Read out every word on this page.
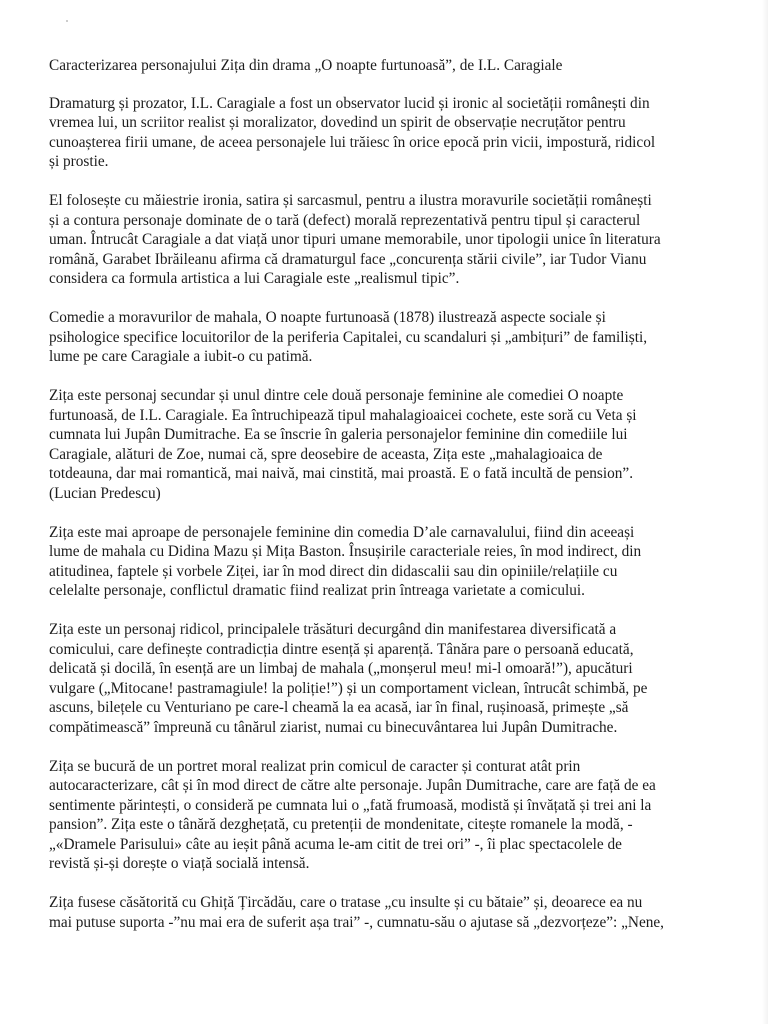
Caracterizarea personajului Zița din drama „O noapte furtunoasă”, de I.L. Caragiale
Dramaturg și prozator, I.L. Caragiale a fost un observator lucid și ironic al societății românești din
vremea lui, un scriitor realist și moralizator, dovedind un spirit de observație necruțător pentru
cunoașterea firii umane, de aceea personajele lui trăiesc în orice epocă prin vicii, impostură, ridicol
și prostie.
El folosește cu măiestrie ironia, satira și sarcasmul, pentru a ilustra moravurile societății românești
și a contura personaje dominate de o tară (defect) morală reprezentativă pentru tipul și caracterul
uman. Întrucât Caragiale a dat viață unor tipuri umane memorabile, unor tipologii unice în literatura
română, Garabet Ibrăileanu afirma că dramaturgul face „concurența stării civile”, iar Tudor Vianu
considera ca formula artistica a lui Caragiale este „realismul tipic”.
Comedie a moravurilor de mahala, O noapte furtunoasă (1878) ilustrează aspecte sociale și
psihologice specifice locuitorilor de la periferia Capitalei, cu scandaluri și „ambițuri” de familiști,
lume pe care Caragiale a iubit-o cu patimă.
Zița este personaj secundar și unul dintre cele două personaje feminine ale comediei O noapte
furtunoasă, de I.L. Caragiale. Ea întruchipează tipul mahalagioaicei cochete, este soră cu Veta și
cumnata lui Jupân Dumitrache. Ea se înscrie în galeria personajelor feminine din comediile lui
Caragiale, alături de Zoe, numai că, spre deosebire de aceasta, Zița este „mahalagioaica de
totdeauna, dar mai romantică, mai naivă, mai cinstită, mai proastă. E o fată incultă de pension”.
(Lucian Predescu)
Zița este mai aproape de personajele feminine din comedia D’ale carnavalului, fiind din aceeași
lume de mahala cu Didina Mazu și Mița Baston. Însușirile caracteriale reies, în mod indirect, din
atitudinea, faptele și vorbele Ziței, iar în mod direct din didascalii sau din opiniile/relațiile cu
celelalte personaje, conflictul dramatic fiind realizat prin întreaga varietate a comicului.
Zița este un personaj ridicol, principalele trăsături decurgând din manifestarea diversificată a
comicului, care definește contradicția dintre esență și aparență. Tânăra pare o persoană educată,
delicată și docilă, în esență are un limbaj de mahala („monșerul meu! mi-l omoară!”), apucături
vulgare („Mitocane! pastramagiule! la poliție!”) și un comportament viclean, întrucât schimbă, pe
ascuns, bilețele cu Venturiano pe care-l cheamă la ea acasă, iar în final, rușinoasă, primește „să
compătimească” împreună cu tânărul ziarist, numai cu binecuvântarea lui Jupân Dumitrache.
Zița se bucură de un portret moral realizat prin comicul de caracter și conturat atât prin
autocaracterizare, cât și în mod direct de către alte personaje. Jupân Dumitrache, care are față de ea
sentimente părintești, o consideră pe cumnata lui o „fată frumoasă, modistă și învățată și trei ani la
pansion”. Zița este o tânără dezghețată, cu pretenții de mondenitate, citește romanele la modă, -
„«Dramele Parisului» câte au ieșit până acuma le-am citit de trei ori” -, îi plac spectacolele de
revistă și-și dorește o viață socială intensă.
Zița fusese căsătorită cu Ghiță Țircădău, care o tratase „cu insulte și cu bătaie” și, deoarece ea nu
mai putuse suporta -”nu mai era de suferit așa trai” -, cumnatu-său o ajutase să „dezvorțeze”: „Nene,
